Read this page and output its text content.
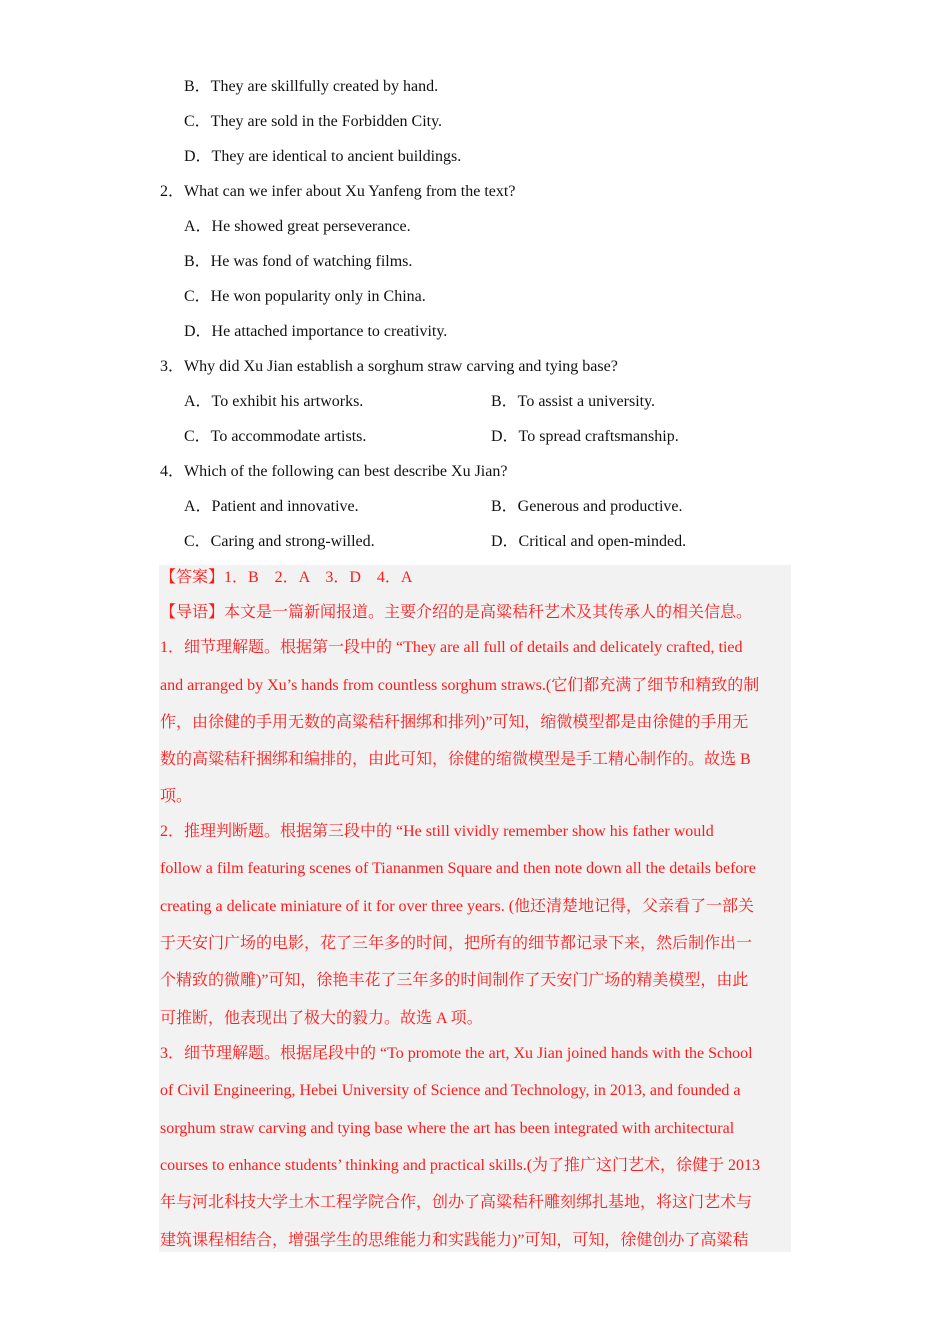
B．They are skillfully created by hand.
C．They are sold in the Forbidden City.
D．They are identical to ancient buildings.
2．What can we infer about Xu Yanfeng from the text?
A．He showed great perseverance.
B．He was fond of watching films.
C．He won popularity only in China.
D．He attached importance to creativity.
3．Why did Xu Jian establish a sorghum straw carving and tying base?
A．To exhibit his artworks.	B．To assist a university.
C．To accommodate artists.	D．To spread craftsmanship.
4．Which of the following can best describe Xu Jian?
A．Patient and innovative.	B．Generous and productive.
C．Caring and strong-willed.	D．Critical and open-minded.
【答案】1．B　2．A　3．D　4．A
【导语】本文是一篇新闻报道。主要介绍的是高粱秸秆艺术及其传承人的相关信息。
1．细节理解题。根据第一段中的 “They are all full of details and delicately crafted, tied
and arranged by Xu’s hands from countless sorghum straws.(它们都充满了细节和精致的制
作，由徐健的手用无数的高粱秸秆捆绑和排列)”可知，缩微模型都是由徐健的手用无
数的高粱秸秆捆绑和编排的，由此可知，徐健的缩微模型是手工精心制作的。故选 B
项。
2．推理判断题。根据第三段中的 “He still vividly remember show his father would
follow a film featuring scenes of Tiananmen Square and then note down all the details before
creating a delicate miniature of it for over three years. (他还清楚地记得，父亲看了一部关
于天安门广场的电影，花了三年多的时间，把所有的细节都记录下来，然后制作出一
个精致的微雕)”可知，徐艳丰花了三年多的时间制作了天安门广场的精美模型，由此
可推断，他表现出了极大的毅力。故选 A 项。
3．细节理解题。根据尾段中的 “To promote the art, Xu Jian joined hands with the School
of Civil Engineering, Hebei University of Science and Technology, in 2013, and founded a
sorghum straw carving and tying base where the art has been integrated with architectural
courses to enhance students’ thinking and practical skills.(为了推广这门艺术，徐健于 2013
年与河北科技大学土木工程学院合作，创办了高粱秸秆雕刻绑扎基地，将这门艺术与
建筑课程相结合，增强学生的思维能力和实践能力)”可知，可知，徐健创办了高粱秸
